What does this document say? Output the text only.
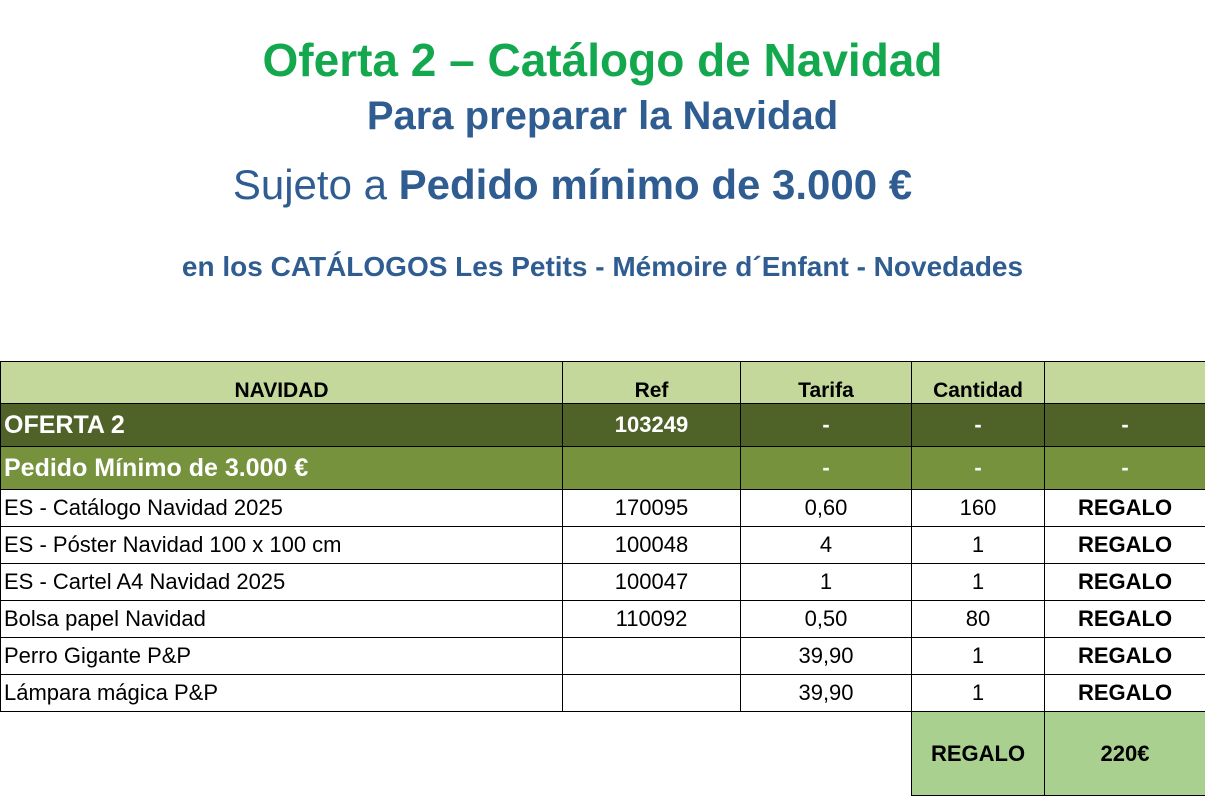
Oferta 2 – Catálogo de Navidad
Para preparar la Navidad
Sujeto a Pedido mínimo de 3.000 €
en los CATÁLOGOS Les Petits - Mémoire d´Enfant - Novedades
NAVIDAD	Ref	Tarifa	Cantidad	
OFERTA 2	103249	-	-	-
Pedido Mínimo de 3.000 €		-	-	-
ES - Catálogo Navidad 2025	170095	0,60	160	REGALO
ES - Póster Navidad 100 x 100 cm	100048	4	1	REGALO
ES - Cartel A4 Navidad 2025	100047	1	1	REGALO
Bolsa papel Navidad	110092	0,50	80	REGALO
Perro Gigante P&P		39,90	1	REGALO
Lámpara mágica P&P		39,90	1	REGALO
			REGALO	220€
